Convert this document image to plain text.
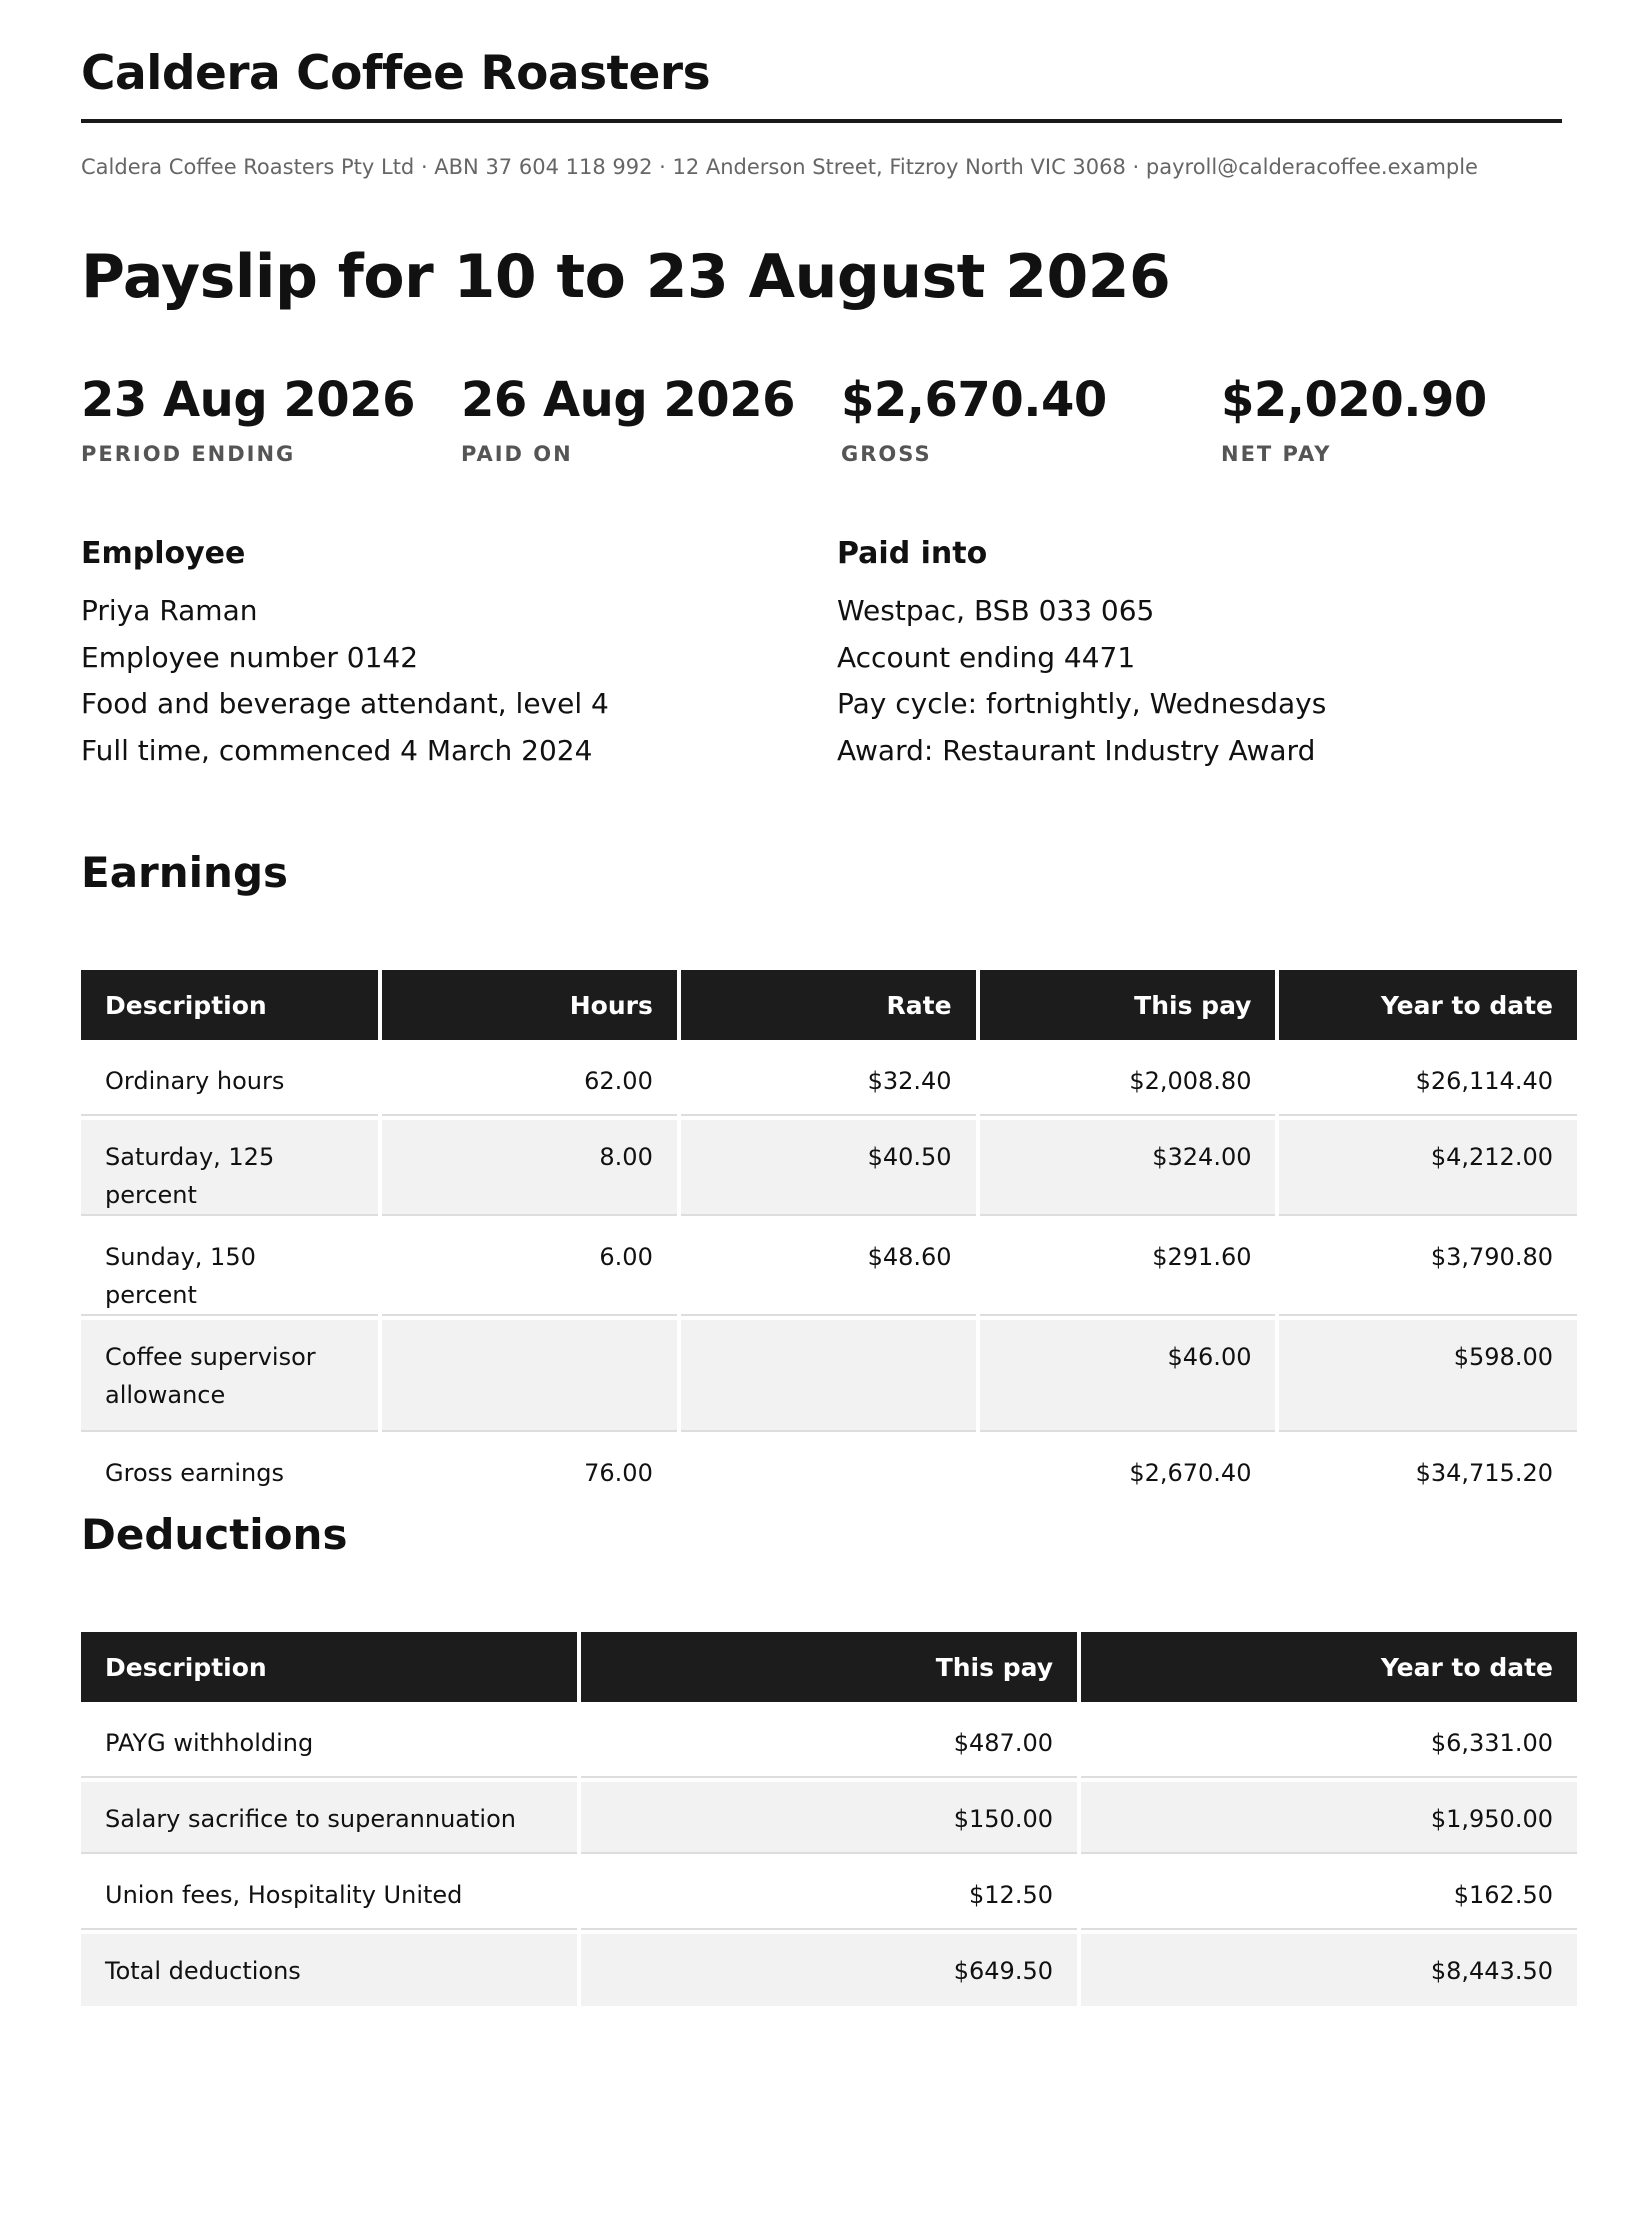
Caldera Coffee Roasters
Caldera Coffee Roasters Pty Ltd · ABN 37 604 118 992 · 12 Anderson Street, Fitzroy North VIC 3068 · payroll@calderacoffee.example
Payslip for 10 to 23 August 2026
23 Aug 2026
PERIOD ENDING
26 Aug 2026
PAID ON
$2,670.40
GROSS
$2,020.90
NET PAY
Employee
Priya Raman
Employee number 0142
Food and beverage attendant, level 4
Full time, commenced 4 March 2024
Paid into
Westpac, BSB 033 065
Account ending 4471
Pay cycle: fortnightly, Wednesdays
Award: Restaurant Industry Award
Earnings
Description	Hours	Rate	This pay	Year to date
Ordinary hours	62.00	$32.40	$2,008.80	$26,114.40
Saturday, 125 percent	8.00	$40.50	$324.00	$4,212.00
Sunday, 150 percent	6.00	$48.60	$291.60	$3,790.80
Coffee supervisor allowance			$46.00	$598.00
Gross earnings	76.00		$2,670.40	$34,715.20
Deductions
Description	This pay	Year to date
PAYG withholding	$487.00	$6,331.00
Salary sacrifice to superannuation	$150.00	$1,950.00
Union fees, Hospitality United	$12.50	$162.50
Total deductions	$649.50	$8,443.50
